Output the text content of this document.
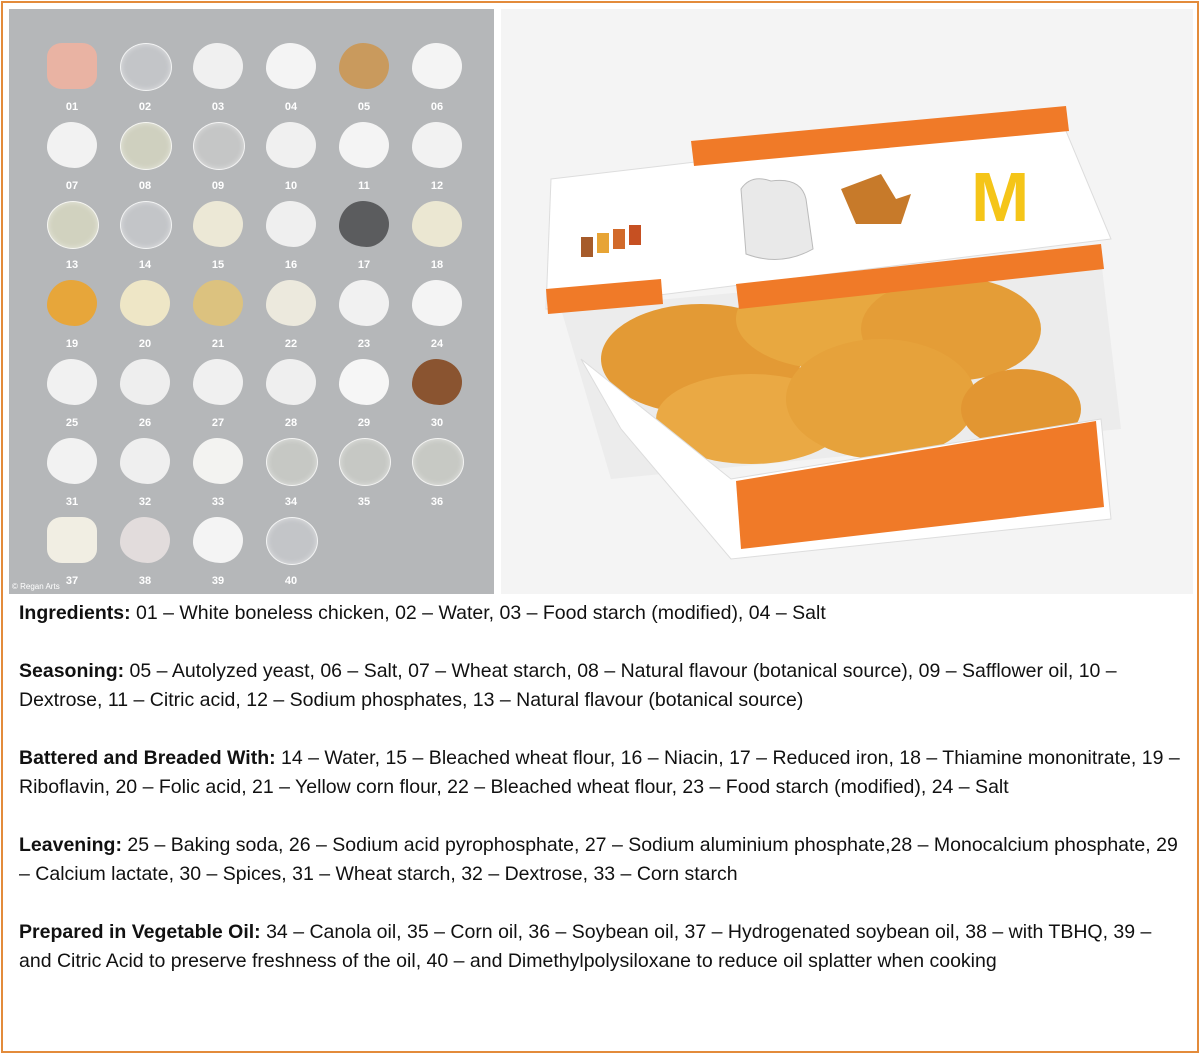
01	02	03	04	05	06
07	08	09	10	11	12
13	14	15	16	17	18
19	20	21	22	23	24
25	26	27	28	29	30
31	32	33	34	35	36
37	38	39	40
© Regan Arts
M

Ingredients: 01 – White boneless chicken, 02 – Water, 03 – Food starch (modified), 04 – Salt

Seasoning: 05 – Autolyzed yeast, 06 – Salt, 07 – Wheat starch, 08 – Natural flavour (botanical source), 09 – Safflower oil, 10 – Dextrose, 11 – Citric acid, 12 – Sodium phosphates, 13 – Natural flavour (botanical source)

Battered and Breaded With: 14 – Water, 15 – Bleached wheat flour, 16 – Niacin, 17 – Reduced iron, 18 – Thiamine mononitrate, 19 – Riboflavin, 20 – Folic acid, 21 – Yellow corn flour, 22 – Bleached wheat flour, 23 – Food starch (modified), 24 – Salt

Leavening: 25 – Baking soda, 26 – Sodium acid pyrophosphate, 27 – Sodium aluminium phosphate,28 – Monocalcium phosphate, 29 – Calcium lactate, 30 – Spices, 31 – Wheat starch, 32 – Dextrose, 33 – Corn starch

Prepared in Vegetable Oil: 34 – Canola oil, 35 – Corn oil, 36 – Soybean oil, 37 – Hydrogenated soybean oil, 38 – with TBHQ, 39 – and Citric Acid to preserve freshness of the oil, 40 – and Dimethylpolysiloxane to reduce oil splatter when cooking
